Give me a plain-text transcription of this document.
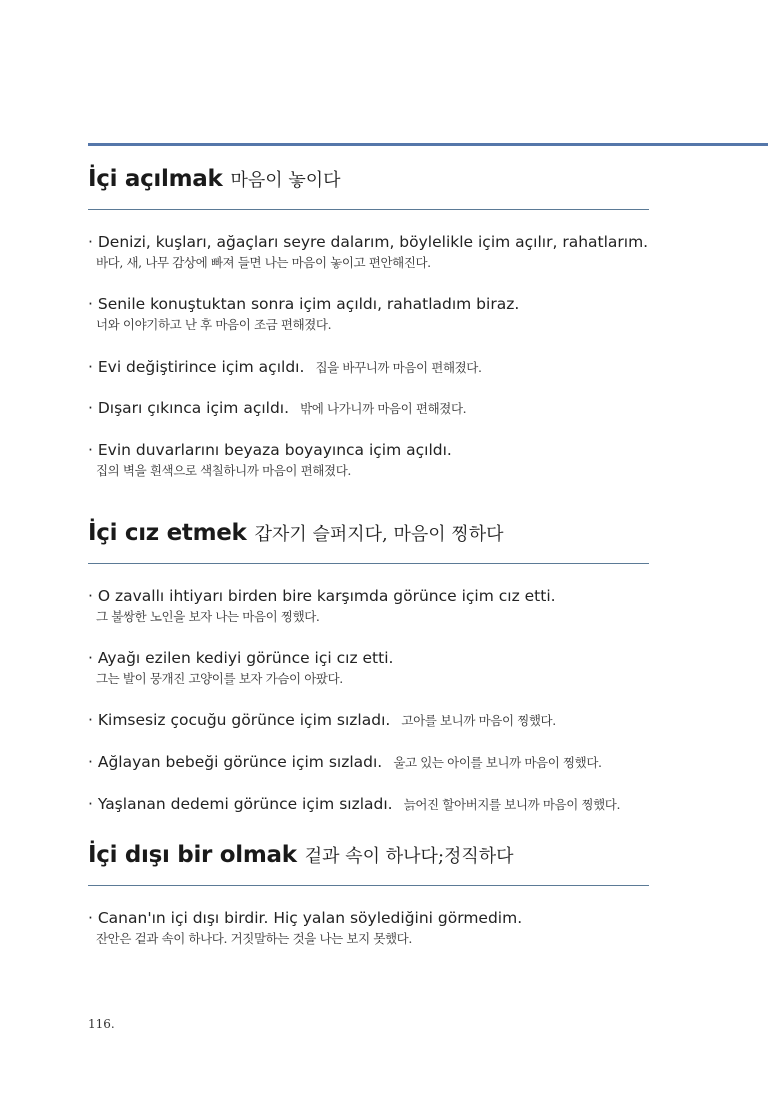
İçi açılmak 마음이 놓이다
· Denizi, kuşları, ağaçları seyre dalarım, böylelikle içim açılır, rahatlarım.
바다, 새, 나무 감상에 빠져 들면 나는 마음이 놓이고 편안해진다.
· Senile konuştuktan sonra içim açıldı, rahatladım biraz.
너와 이야기하고 난 후 마음이 조금 편해졌다.
· Evi değiştirince içim açıldı. 집을 바꾸니까 마음이 편해졌다.
· Dışarı çıkınca içim açıldı. 밖에 나가니까 마음이 편해졌다.
· Evin duvarlarını beyaza boyayınca içim açıldı.
집의 벽을 흰색으로 색칠하니까 마음이 편해졌다.
İçi cız etmek 갑자기 슬퍼지다, 마음이 찡하다
· O zavallı ihtiyarı birden bire karşımda görünce içim cız etti.
그 불쌍한 노인을 보자 나는 마음이 찡했다.
· Ayağı ezilen kediyi görünce içi cız etti.
그는 발이 뭉개진 고양이를 보자 가슴이 아팠다.
· Kimsesiz çocuğu görünce içim sızladı. 고아를 보니까 마음이 찡했다.
· Ağlayan bebeği görünce içim sızladı. 울고 있는 아이를 보니까 마음이 찡했다.
· Yaşlanan dedemi görünce içim sızladı. 늙어진 할아버지를 보니까 마음이 찡했다.
İçi dışı bir olmak 겉과 속이 하나다;정직하다
· Canan'ın içi dışı birdir. Hiç yalan söylediğini görmedim.
잔안은 겉과 속이 하나다. 거짓말하는 것을 나는 보지 못했다.
116.
